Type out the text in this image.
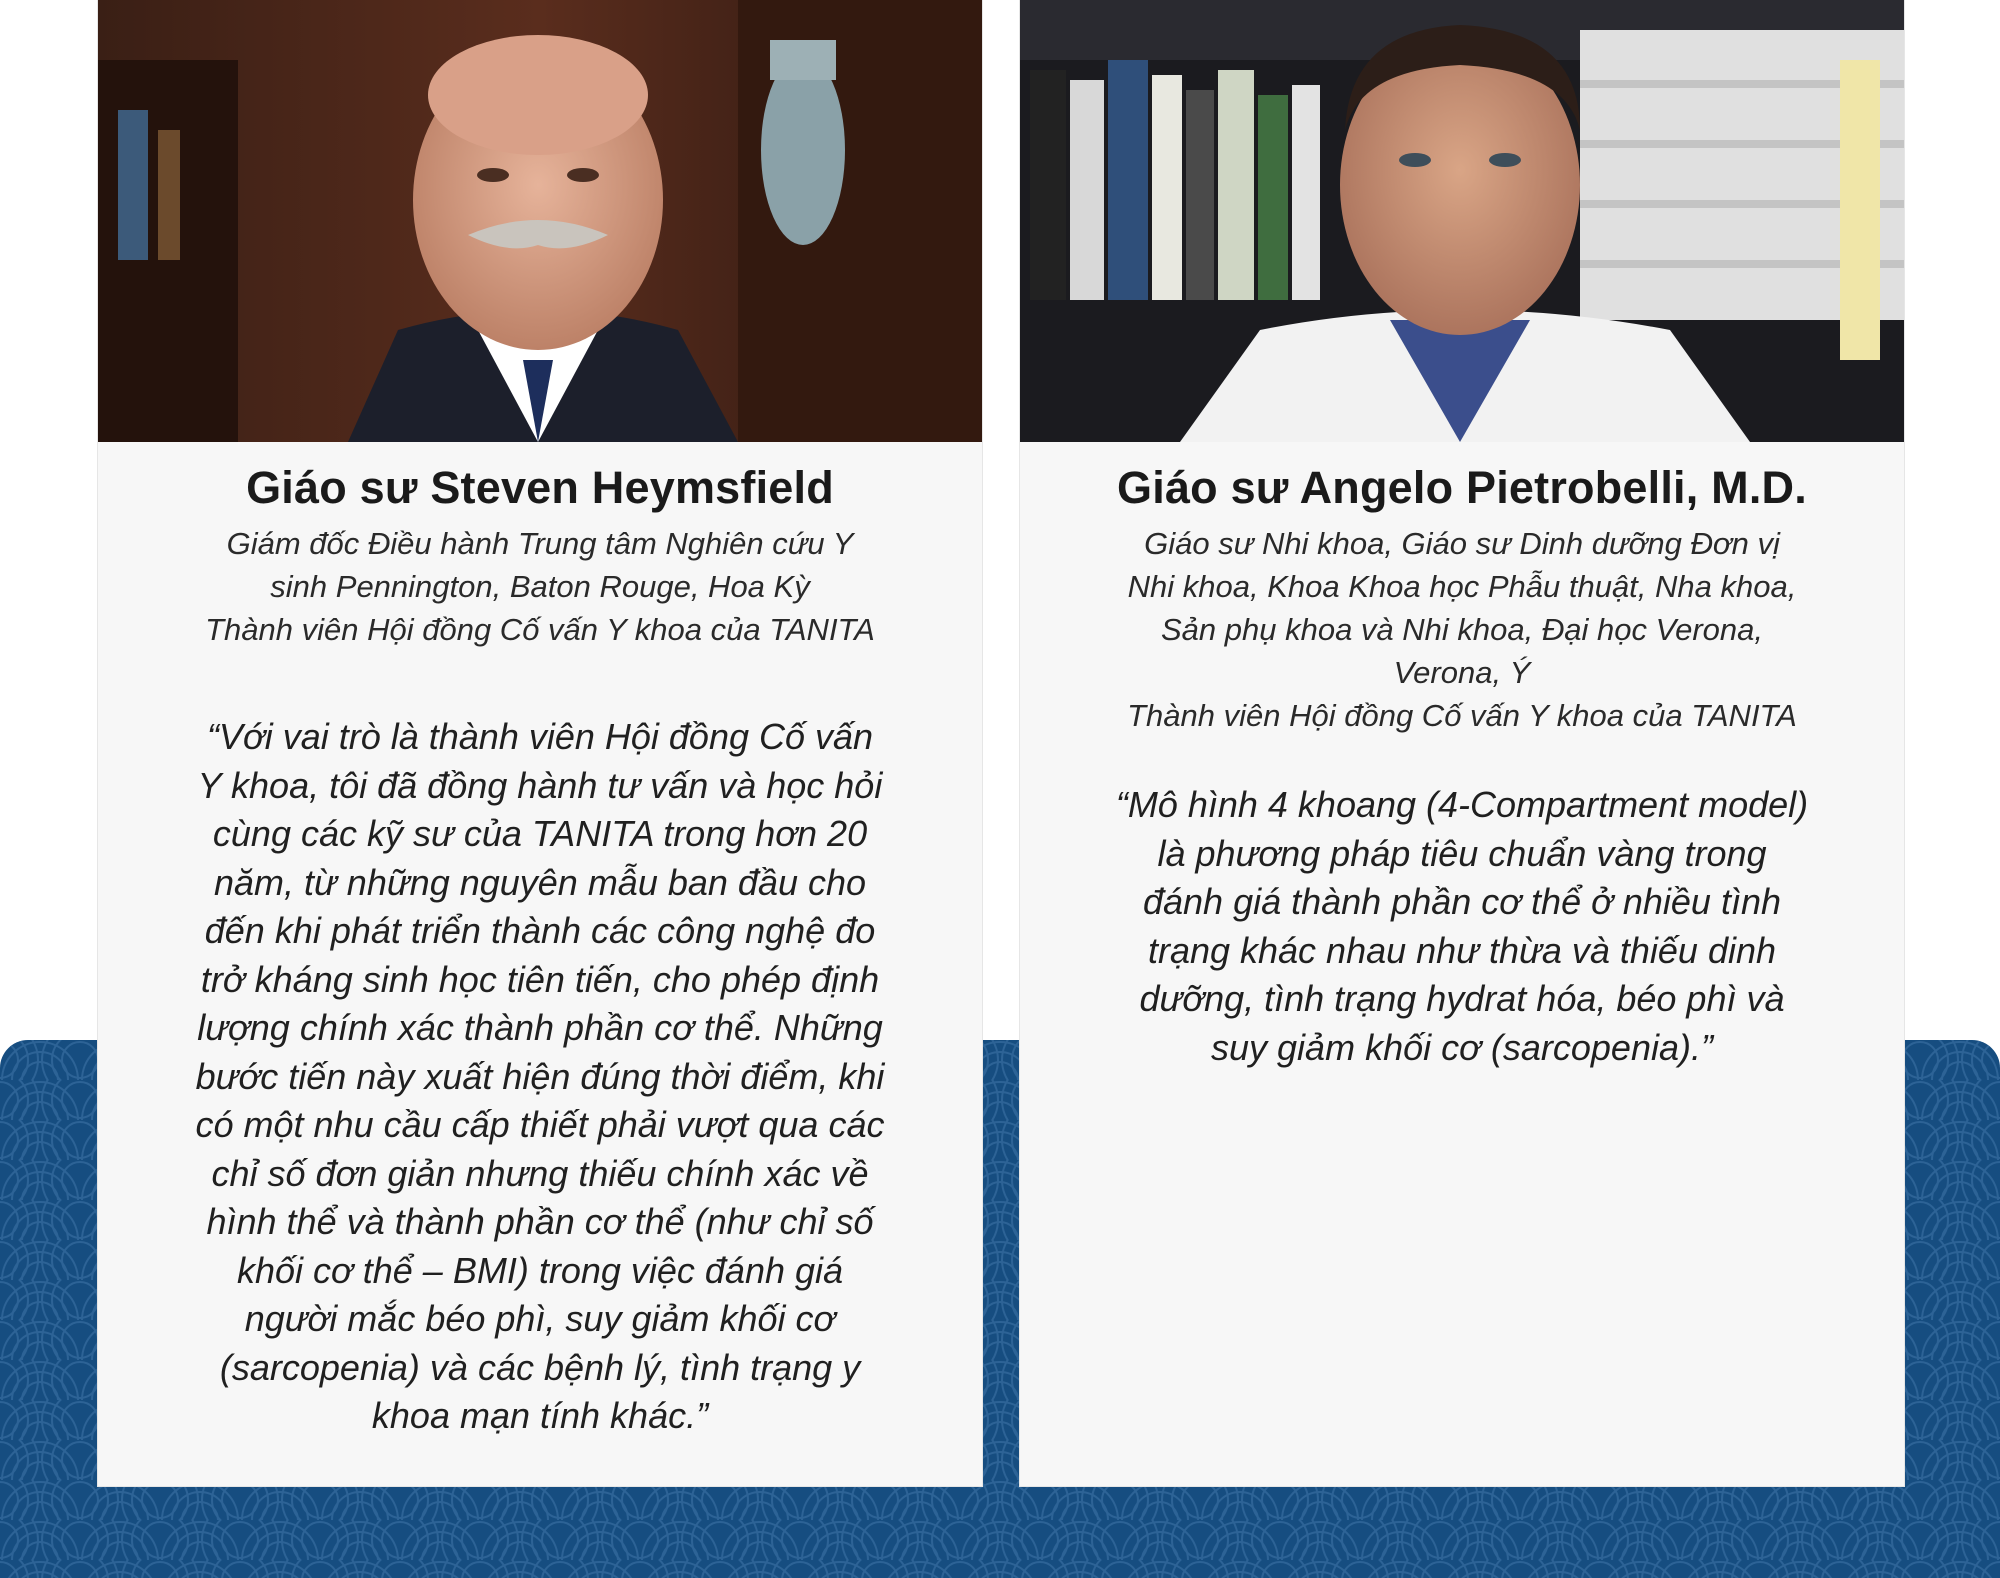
Giáo sư Steven Heymsfield
Giám đốc Điều hành Trung tâm Nghiên cứu Y
sinh Pennington, Baton Rouge, Hoa Kỳ
Thành viên Hội đồng Cố vấn Y khoa của TANITA
“Với vai trò là thành viên Hội đồng Cố vấn
Y khoa, tôi đã đồng hành tư vấn và học hỏi
cùng các kỹ sư của TANITA trong hơn 20
năm, từ những nguyên mẫu ban đầu cho
đến khi phát triển thành các công nghệ đo
trở kháng sinh học tiên tiến, cho phép định
lượng chính xác thành phần cơ thể. Những
bước tiến này xuất hiện đúng thời điểm, khi
có một nhu cầu cấp thiết phải vượt qua các
chỉ số đơn giản nhưng thiếu chính xác về
hình thể và thành phần cơ thể (như chỉ số
khối cơ thể – BMI) trong việc đánh giá
người mắc béo phì, suy giảm khối cơ
(sarcopenia) và các bệnh lý, tình trạng y
khoa mạn tính khác.”
Giáo sư Angelo Pietrobelli, M.D.
Giáo sư Nhi khoa, Giáo sư Dinh dưỡng Đơn vị
Nhi khoa, Khoa Khoa học Phẫu thuật, Nha khoa,
Sản phụ khoa và Nhi khoa, Đại học Verona,
Verona, Ý
Thành viên Hội đồng Cố vấn Y khoa của TANITA
“Mô hình 4 khoang (4-Compartment model)
là phương pháp tiêu chuẩn vàng trong
đánh giá thành phần cơ thể ở nhiều tình
trạng khác nhau như thừa và thiếu dinh
dưỡng, tình trạng hydrat hóa, béo phì và
suy giảm khối cơ (sarcopenia).”
